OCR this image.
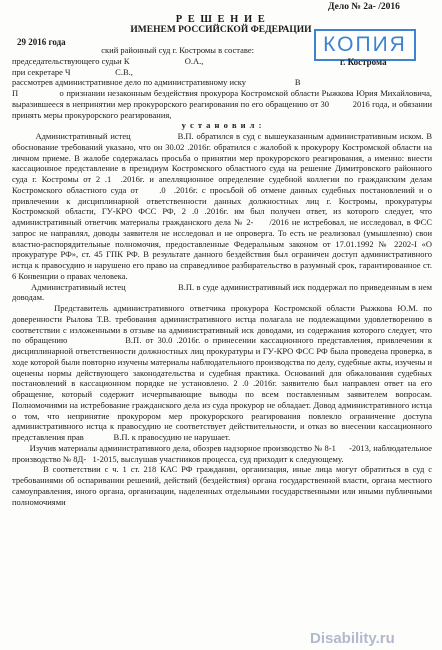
Дело № 2а- /2016
Р Е Ш Е Н И Е
ИМЕНЕМ РОССИЙСКОЙ ФЕДЕРАЦИИ
КОПИЯ
29 2016 года
г. Кострома

ский районный суд г. Костромы в составе:

председательствующего судьи К                          О.А.,

при секретаре Ч                     С.В.,

рассмотрев административное дело по административному иску                       В

П                о признании незаконным бездействия прокурора Костромской области Рыжкова Юрия Михайловича, выразившееся в непринятии мер прокурорского реагирования по его обращению от 30          2016 года, и обязании принять меры прокурорского реагирования,

у с т а н о в и л :

Административный истец                В.П. обратился в суд с вышеуказанным административным иском. В обоснование требований указано, что он 30.02 .2016г. обратился с жалобой к прокурору Костромской области на личном приеме. В жалобе содержалась просьба о принятии мер прокурорского реагирования, а именно: внести кассационное представление в президиум Костромского областного суда на решение Димитровского районного суда г. Костромы от 2 .1  .2016г. и апелляционное определение судебной коллегии по гражданским делам Костромского областного суда от     .0  .2016г. с просьбой об отмене данных судебных постановлений и о привлечении к дисциплинарной ответственности данных должностных лиц г. Костромы, прокуратуры Костромской области, ГУ-КРО ФСС РФ, 2 .0 .2016г. им был получен ответ, из которого следует, что административный ответчик материалы гражданского дела № 2-     /2016 не истребовал, не исследовал, в ФСС запрос не направлял, доводы заявителя не исследовал и не опроверга. То есть не реализовал (умышленно) свои властно-распорядительные полномочия, предоставленные Федеральным законом от 17.01.1992 № 2202-I «О прокуратуре РФ», ст. 45 ГПК РФ. В результате данного бездействия был ограничен доступ административного истца к правосудию и нарушено его право на справедливое разбирательство в разумный срок, гарантированное ст. 6 Конвенции о правах человека.

Административный истец                      В.П. в суде административный иск поддержал по приведенным в нем доводам.

Представитель административного ответчика прокурора Костромской области Рыжкова Ю.М. по доверенности Рылова Т.В. требования административного истца полагала не подлежащими удовлетворению в соответствии с изложенными в отзыве на административный иск доводами, из содержания которого следует, что по обращению              В.П. от 30.0 .2016г. о принесении кассационного представления, привлечении к дисциплинарной ответственности должностных лиц прокуратуры и ГУ-КРО ФСС РФ была проведена проверка, в ходе которой были повторно изучены материалы наблюдательного производства по делу, судебные акты, изучены и оценены нормы действующего законодательства и судебная практика. Оснований для обжалования судебных постановлений в кассационном порядке не установлено. 2 .0 .2016г. заявителю был направлен ответ на его обращение, который содержит исчерпывающие выводы по всем поставленным заявителем вопросам. Полномочиями на истребование гражданского дела из суда прокурор не обладает. Довод административного истца о том, что непринятие прокурором мер прокурорского реагирования повлекло ограничение доступа административного истца к правосудию не соответствует действительности, и отказ во внесении кассационного представления прав              В.П. к правосудию не нарушает.

Изучив материалы административного дела, обозрев надзорное производство № 8-1      -2013, наблюдательное производство № 8Д-   1-2015, выслушав участников процесса, суд приходит к следующему.

В соответствии с ч. 1 ст. 218 КАС РФ гражданин, организация, иные лица могут обратиться в суд с требованиями об оспаривании решений, действий (бездействия) органа государственной власти, органа местного самоуправления, иного органа, организации, наделенных отдельными государственными или иными публичными полномочиями

Disability.ru
